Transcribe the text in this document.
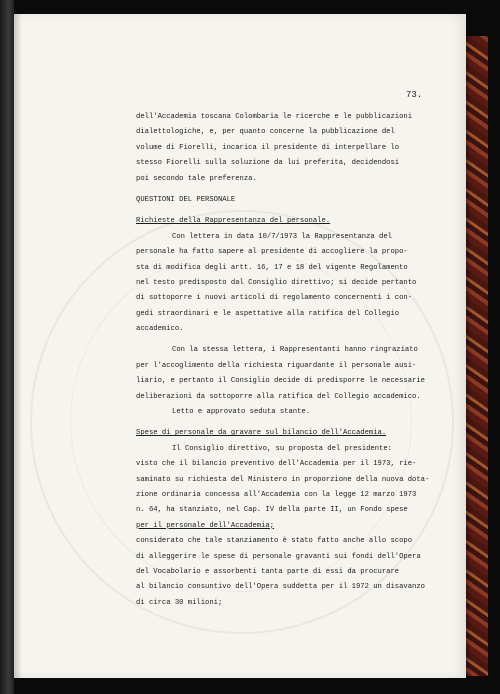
73.
dell'Accademia toscana Colombaria le ricerche e le pubblicazioni
dialettologiche, e, per quanto concerne la pubblicazione del
volume di Fiorelli, incarica il presidente di interpellare lo
stesso Fiorelli sulla soluzione da lui preferita, decidendosi
poi secondo tale preferenza.
QUESTIONI DEL PERSONALE
Richieste della Rappresentanza del personale.
Con lettera in data 10/7/1973 la Rappresentanza del
personale ha fatto sapere al presidente di accogliere la propo-
sta di modifica degli artt. 16, 17 e 18 del vigente Regolamento
nel testo predisposto dal Consiglio direttivo; si decide pertanto
di sottoporre i nuovi articoli di regolamento concernenti i con-
gedi straordinari e le aspettative alla ratifica del Collegio
accademico.
Con la stessa lettera, i Rappresentanti hanno ringraziato
per l'accoglimento della richiesta riguardante il personale ausi-
liario, e pertanto il Consiglio decide di predisporre le necessarie
deliberazioni da sottoporre alla ratifica del Collegio accademico.
Letto e approvato seduta stante.
Spese di personale da gravare sul bilancio dell'Accademia.
Il Consiglio direttivo, su proposta del presidente:
visto che il bilancio preventivo dell'Accademia per il 1973, rie-
saminato su richiesta del Ministero in proporzione della nuova dota-
zione ordinaria concessa all'Accademia con la legge 12 marzo 1973
n. 64, ha stanziato, nel Cap. IV della parte II, un Fondo spese
per il personale dell'Accademia;
considerato che tale stanziamento è stato fatto anche allo scopo
di alleggerire le spese di personale gravanti sui fondi dell'Opera
del Vocabolario e assorbenti tanta parte di essi da procurare
al bilancio consuntivo dell'Opera suddetta per il 1972 un disavanzo
di circa 30 milioni;
